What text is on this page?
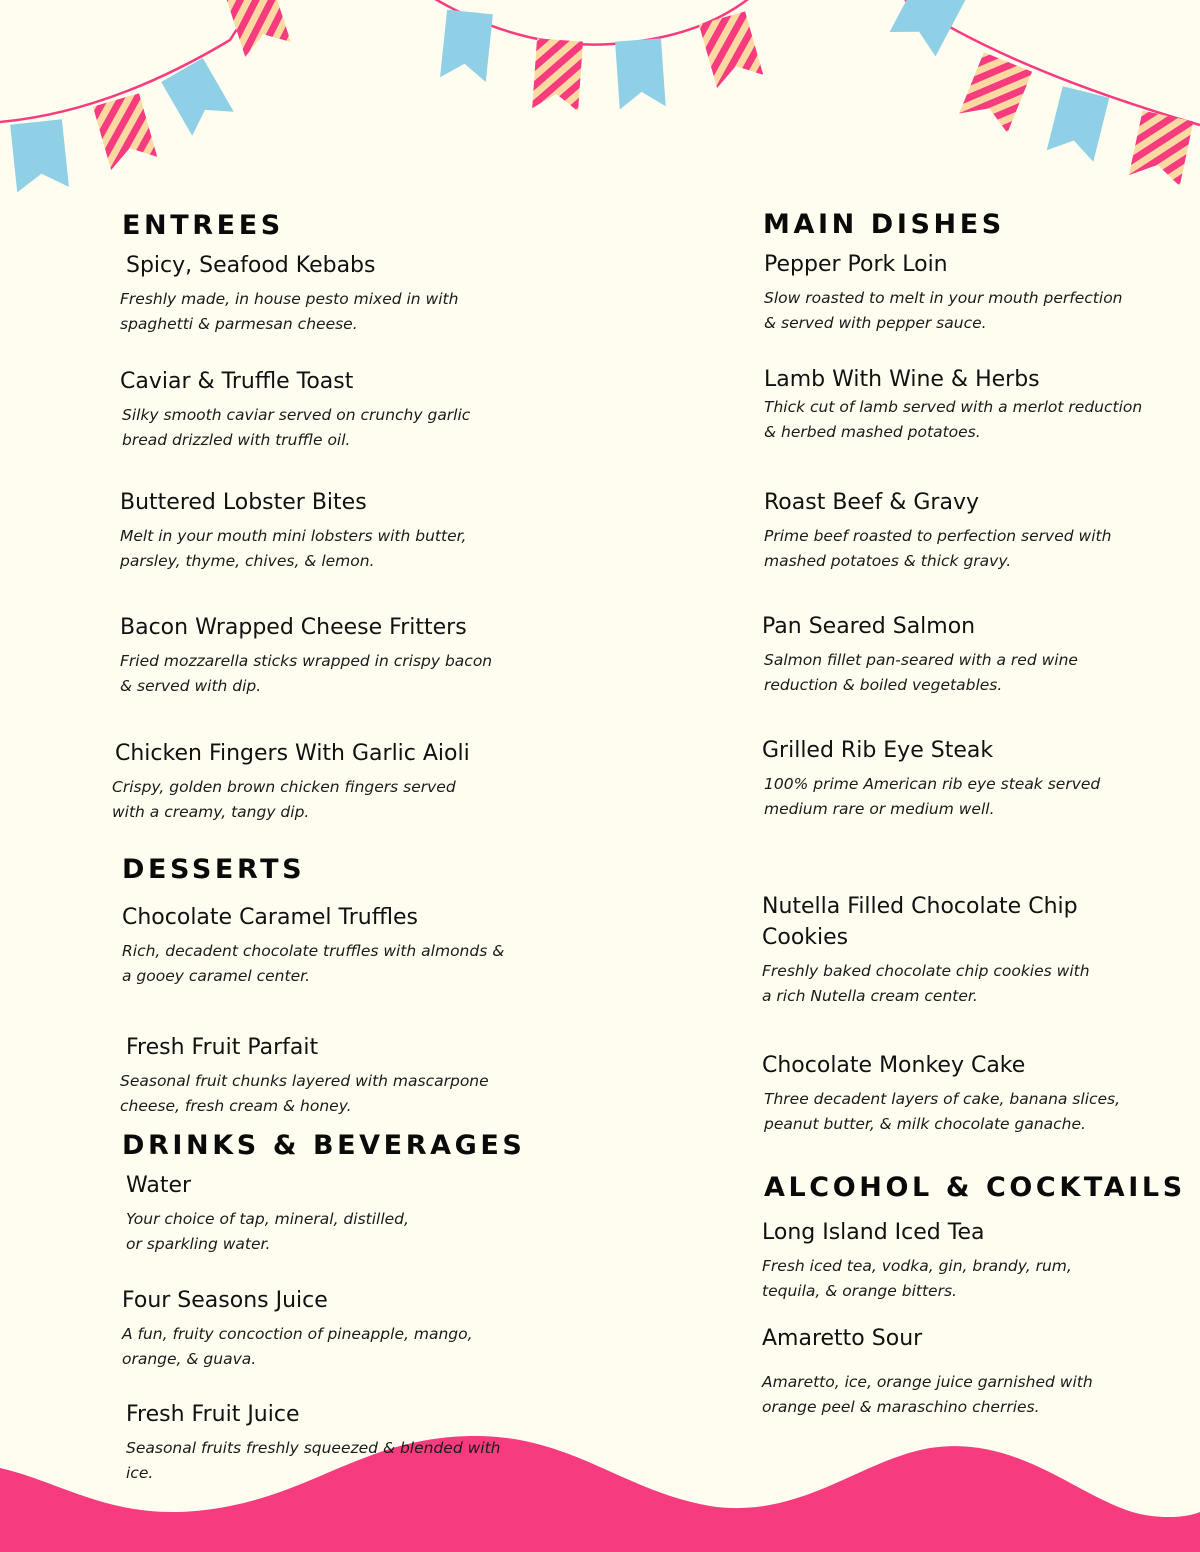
ENTREES
Spicy, Seafood Kebabs
Freshly made, in house pesto mixed in with
spaghetti & parmesan cheese.
Caviar & Truffle Toast
Silky smooth caviar served on crunchy garlic
bread drizzled with truffle oil.
Buttered Lobster Bites
Melt in your mouth mini lobsters with butter,
parsley, thyme, chives, & lemon.
Bacon Wrapped Cheese Fritters
Fried mozzarella sticks wrapped in crispy bacon
& served with dip.
Chicken Fingers With Garlic Aioli
Crispy, golden brown chicken fingers served
with a creamy, tangy dip.
MAIN DISHES
Pepper Pork Loin
Slow roasted to melt in your mouth perfection
& served with pepper sauce.
Lamb With Wine & Herbs
Thick cut of lamb served with a merlot reduction
& herbed mashed potatoes.
Roast Beef & Gravy
Prime beef roasted to perfection served with
mashed potatoes & thick gravy.
Pan Seared Salmon
Salmon fillet pan-seared with a red wine
reduction & boiled vegetables.
Grilled Rib Eye Steak
100% prime American rib eye steak served
medium rare or medium well.
DESSERTS
Chocolate Caramel Truffles
Rich, decadent chocolate truffles with almonds &
a gooey caramel center.
Fresh Fruit Parfait
Seasonal fruit chunks layered with mascarpone
cheese, fresh cream & honey.
Nutella Filled Chocolate Chip
Cookies
Freshly baked chocolate chip cookies with
a rich Nutella cream center.
Chocolate Monkey Cake
Three decadent layers of cake, banana slices,
peanut butter, & milk chocolate ganache.
DRINKS & BEVERAGES
Water
Your choice of tap, mineral, distilled,
or sparkling water.
Four Seasons Juice
A fun, fruity concoction of pineapple, mango,
orange, & guava.
Fresh Fruit Juice
Seasonal fruits freshly squeezed & blended with
ice.
ALCOHOL & COCKTAILS
Long Island Iced Tea
Fresh iced tea, vodka, gin, brandy, rum,
tequila, & orange bitters.
Amaretto Sour
Amaretto, ice, orange juice garnished with
orange peel & maraschino cherries.
